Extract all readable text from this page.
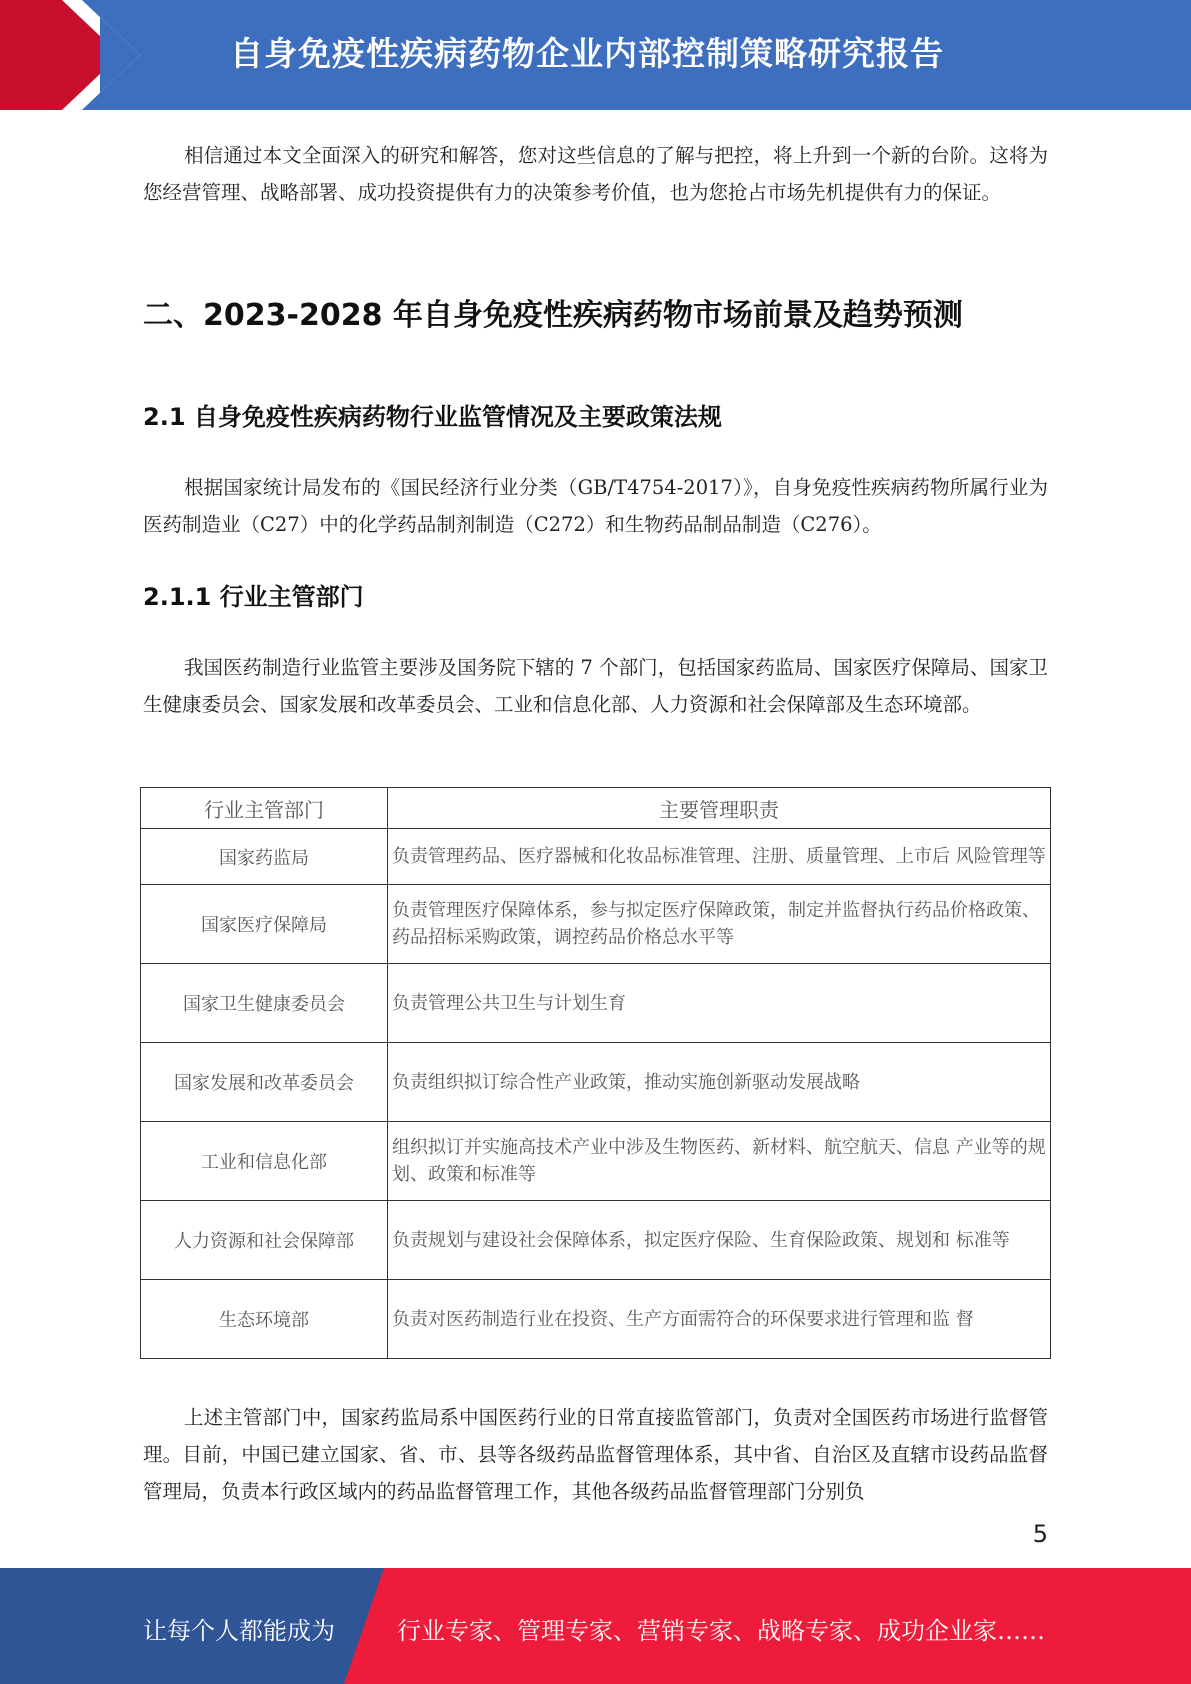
自身免疫性疾病药物企业内部控制策略研究报告
相信通过本文全面深入的研究和解答，您对这些信息的了解与把控，将上升到一个新的台阶。这将为您经营管理、战略部署、成功投资提供有力的决策参考价值，也为您抢占市场先机提供有力的保证。
二、2023-2028 年自身免疫性疾病药物市场前景及趋势预测
2.1 自身免疫性疾病药物行业监管情况及主要政策法规
根据国家统计局发布的《国民经济行业分类（GB/T4754-2017）》，自身免疫性疾病药物所属行业为医药制造业（C27）中的化学药品制剂制造（C272）和生物药品制品制造（C276）。
2.1.1 行业主管部门
我国医药制造行业监管主要涉及国务院下辖的 7 个部门，包括国家药监局、国家医疗保障局、国家卫生健康委员会、国家发展和改革委员会、工业和信息化部、人力资源和社会保障部及生态环境部。
行业主管部门	主要管理职责
国家药监局	负责管理药品、医疗器械和化妆品标准管理、注册、质量管理、上市后 风险管理等
国家医疗保障局	负责管理医疗保障体系，参与拟定医疗保障政策，制定并监督执行药品价格政策、药品招标采购政策，调控药品价格总水平等
国家卫生健康委员会	负责管理公共卫生与计划生育
国家发展和改革委员会	负责组织拟订综合性产业政策，推动实施创新驱动发展战略
工业和信息化部	组织拟订并实施高技术产业中涉及生物医药、新材料、航空航天、信息 产业等的规划、政策和标准等
人力资源和社会保障部	负责规划与建设社会保障体系，拟定医疗保险、生育保险政策、规划和 标准等
生态环境部	负责对医药制造行业在投资、生产方面需符合的环保要求进行管理和监 督
上述主管部门中，国家药监局系中国医药行业的日常直接监管部门，负责对全国医药市场进行监督管理。目前，中国已建立国家、省、市、县等各级药品监督管理体系，其中省、自治区及直辖市设药品监督管理局，负责本行政区域内的药品监督管理工作，其他各级药品监督管理部门分别负
5
让每个人都能成为	行业专家、管理专家、营销专家、战略专家、成功企业家……
